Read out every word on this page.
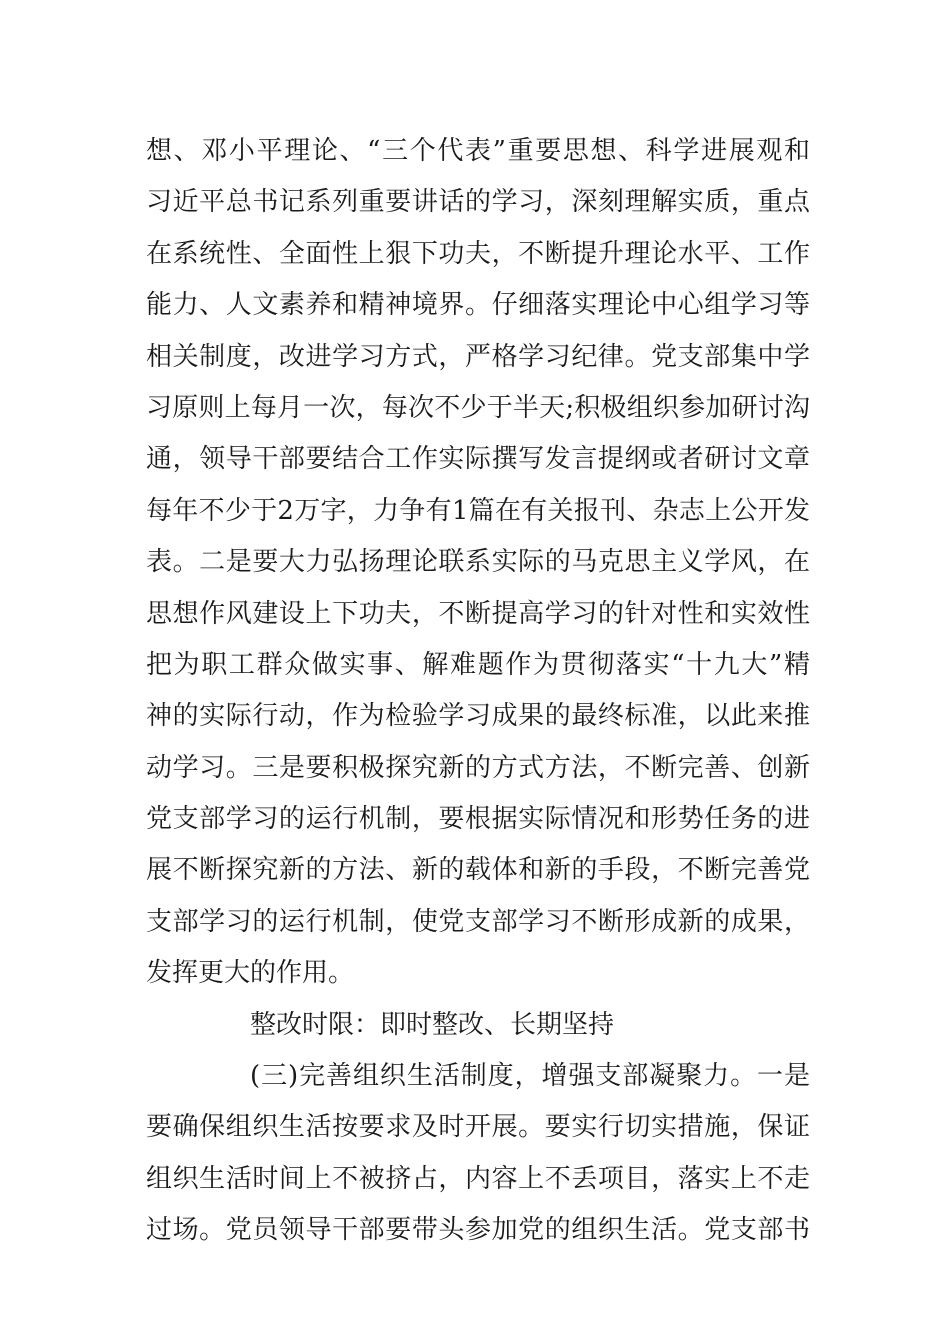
想、邓小平理论、“三个代表”重要思想、科学进展观和
习近平总书记系列重要讲话的学习，深刻理解实质，重点
在系统性、全面性上狠下功夫，不断提升理论水平、工作
能力、人文素养和精神境界。仔细落实理论中心组学习等
相关制度，改进学习方式，严格学习纪律。党支部集中学
习原则上每月一次，每次不少于半天;积极组织参加研讨沟
通，领导干部要结合工作实际撰写发言提纲或者研讨文章
每年不少于2万字，力争有1篇在有关报刊、杂志上公开发
表。二是要大力弘扬理论联系实际的马克思主义学风，在
思想作风建设上下功夫，不断提高学习的针对性和实效性
把为职工群众做实事、解难题作为贯彻落实“十九大”精
神的实际行动，作为检验学习成果的最终标准，以此来推
动学习。三是要积极探究新的方式方法，不断完善、创新
党支部学习的运行机制，要根据实际情况和形势任务的进
展不断探究新的方法、新的载体和新的手段，不断完善党
支部学习的运行机制，使党支部学习不断形成新的成果，
发挥更大的作用。
整改时限：即时整改、长期坚持
(三)完善组织生活制度，增强支部凝聚力。一是
要确保组织生活按要求及时开展。要实行切实措施，保证
组织生活时间上不被挤占，内容上不丢项目，落实上不走
过场。党员领导干部要带头参加党的组织生活。党支部书
